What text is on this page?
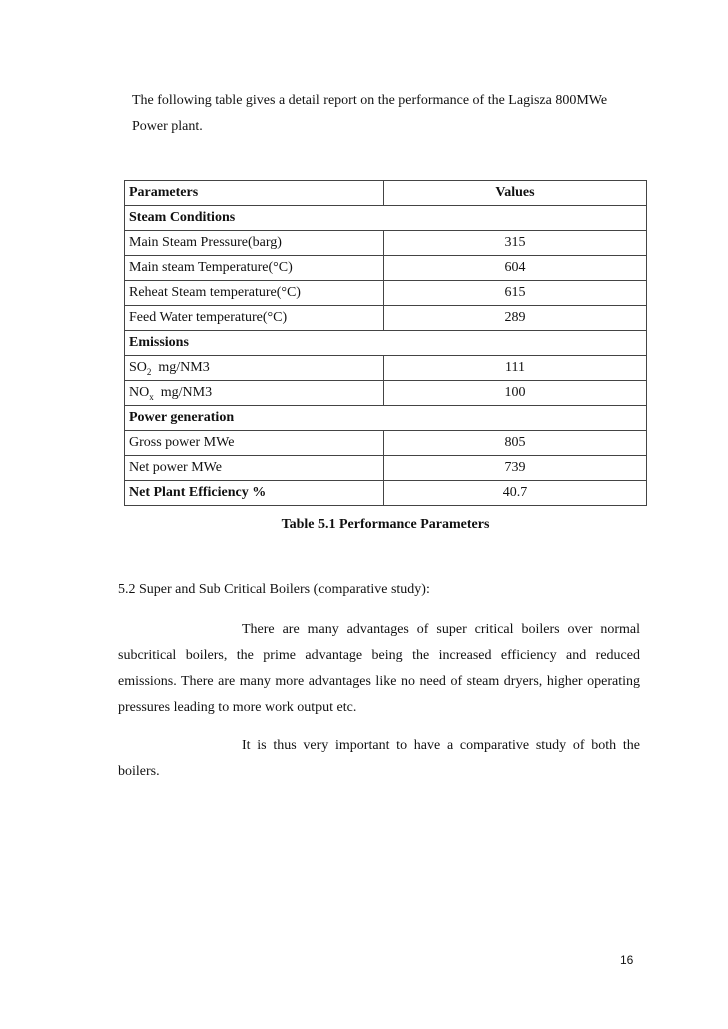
The following table gives a detail report on the performance of the Lagisza 800MWe
Power plant.
Parameters	Values
Steam Conditions	
Main Steam Pressure(barg)	315
Main steam Temperature(°C)	604
Reheat Steam temperature(°C)	615
Feed Water temperature(°C)	289
Emissions	
$SO_2$  mg/NM3	111
$NO_x$  mg/NM3	100
Power generation	
Gross power MWe	805
Net power MWe	739
Net Plant Efficiency %	40.7
Table 5.1 Performance Parameters
5.2 Super and Sub Critical Boilers (comparative study):
There are many advantages of super critical boilers over normal subcritical boilers, the prime advantage being the increased efficiency and reduced emissions. There are many more advantages like no need of steam dryers, higher operating pressures leading to more work output etc.
It is thus very important to have a comparative study of both the boilers.
16
